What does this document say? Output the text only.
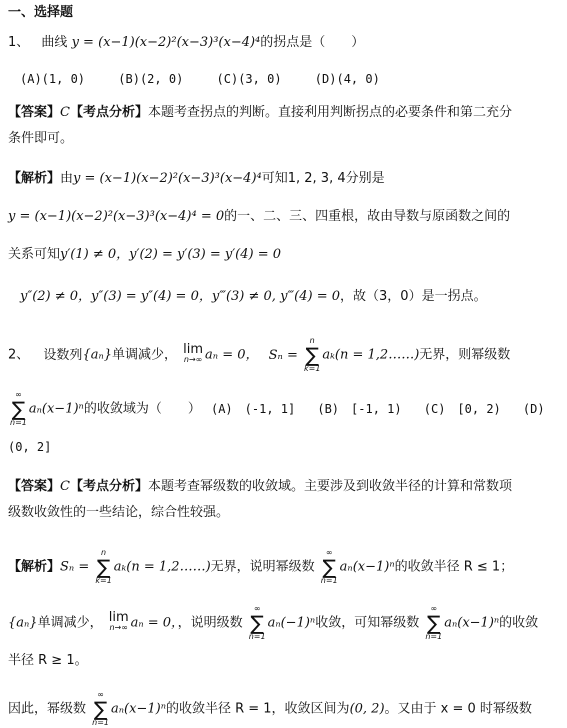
一、选择题
1、 曲线 y = (x−1)(x−2)²(x−3)³(x−4)⁴的拐点是（　　）
(A)(1, 0)	(B)(2, 0)	(C)(3, 0)	(D)(4, 0)
【答案】C【考点分析】本题考查拐点的判断。直接利用判断拐点的必要条件和第二充分
条件即可。
【解析】由y = (x−1)(x−2)²(x−3)³(x−4)⁴可知1, 2, 3, 4分别是
y = (x−1)(x−2)²(x−3)³(x−4)⁴ = 0的一、二、三、四重根，故由导数与原函数之间的
关系可知y′(1) ≠ 0，y′(2) = y′(3) = y′(4) = 0
y″(2) ≠ 0，y″(3) = y″(4) = 0，y‴(3) ≠ 0, y‴(4) = 0，故（3，0）是一拐点。
2、 设数列{aₙ}单调减少， lim
n→∞ aₙ = 0， Sₙ =
n
∑
k=1
aₖ(n = 1,2……)无界，则幂级数
∞
∑
n=1
aₙ(x−1)ⁿ的收敛域为（　　） (A)　(-1, 1] (B)　[-1, 1) (C)　[0, 2) (D)
(0, 2]
【答案】C【考点分析】本题考查幂级数的收敛域。主要涉及到收敛半径的计算和常数项
级数收敛性的一些结论，综合性较强。
【解析】Sₙ =
n
∑
k=1
aₖ(n = 1,2……)无界，说明幂级数
∞
∑
n=1
aₙ(x−1)ⁿ的收敛半径 R ≤ 1；
{aₙ}单调减少， lim
n→∞ aₙ = 0，，说明级数
∞
∑
n=1
aₙ(−1)ⁿ收敛，可知幂级数
∞
∑
n=1
aₙ(x−1)ⁿ的收敛
半径 R ≥ 1。
因此，幂级数
∞
∑
n=1
aₙ(x−1)ⁿ的收敛半径 R = 1，收敛区间为(0, 2)。又由于 x = 0 时幂级数
